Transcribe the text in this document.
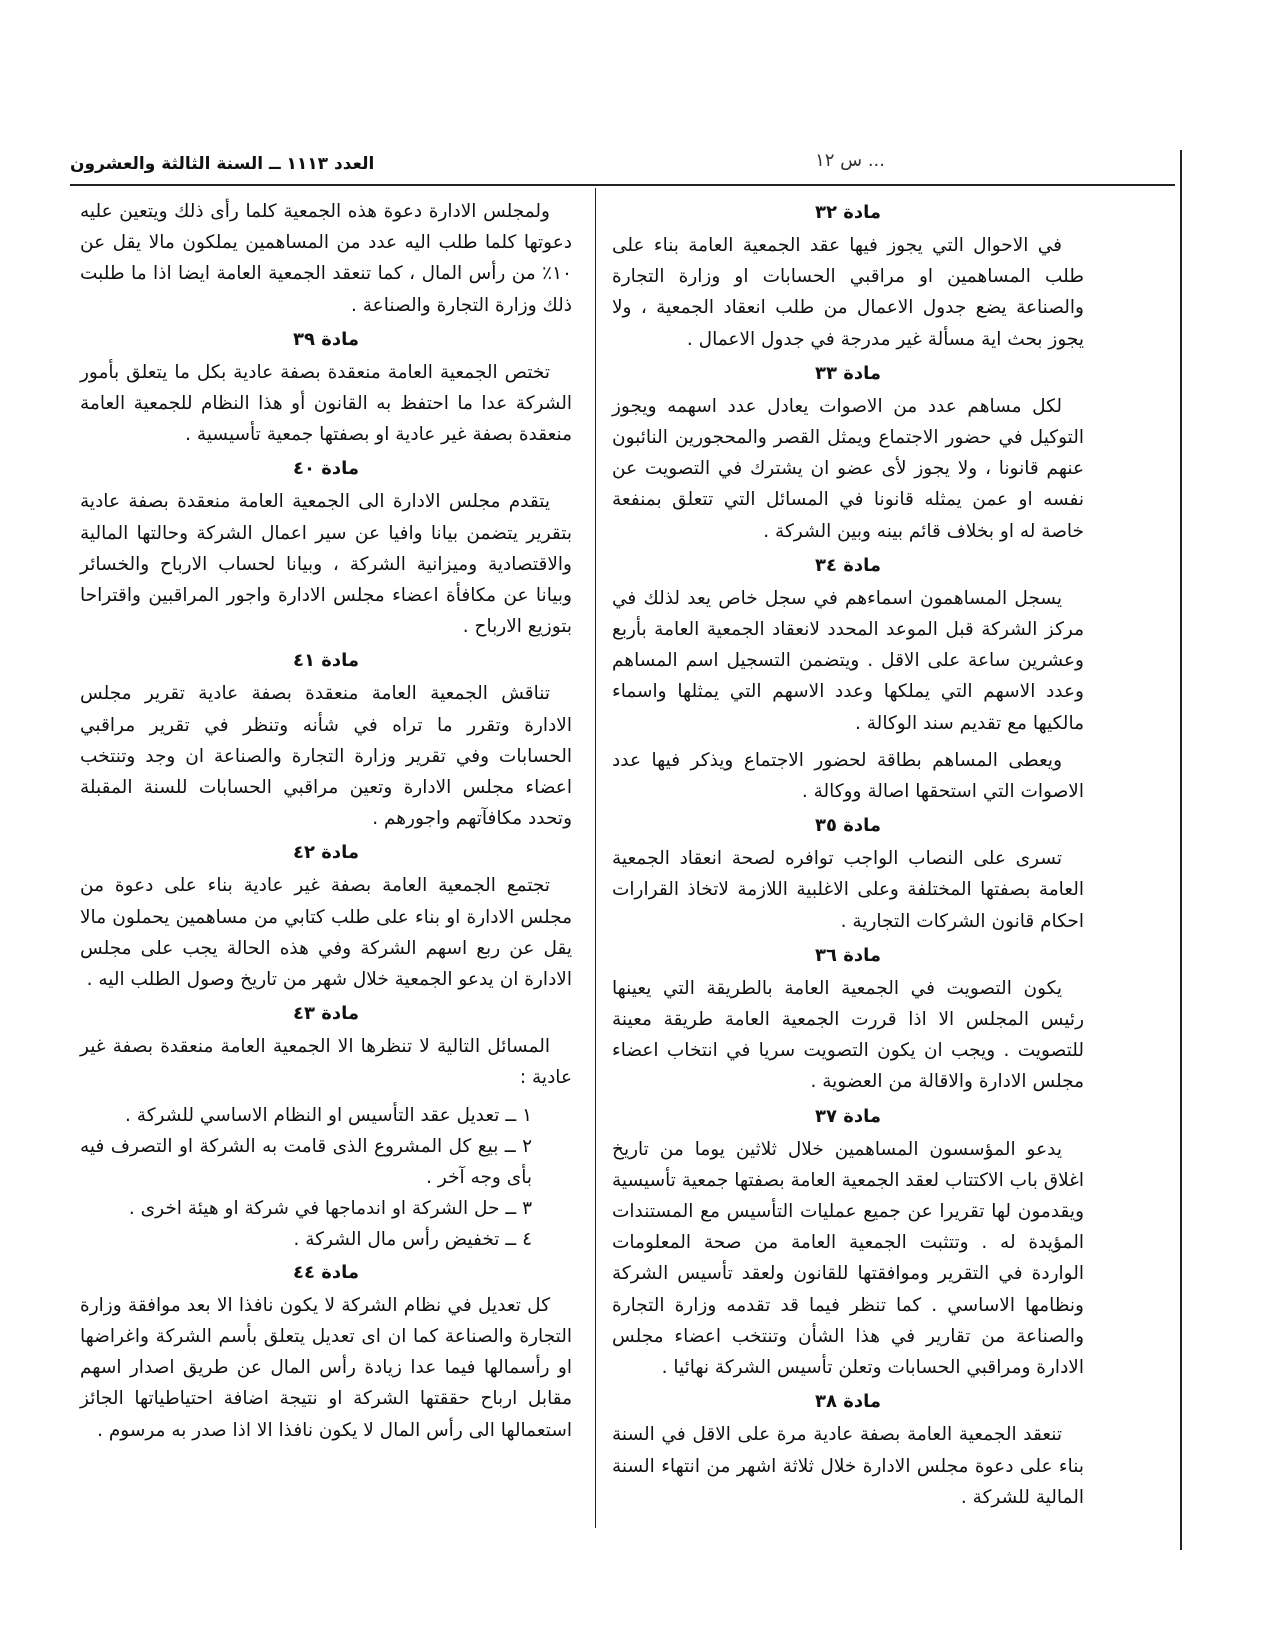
... س ١٢
العدد ١١١٣ ــ السنة الثالثة والعشرون
مادة ٣٢

في الاحوال التي يجوز فيها عقد الجمعية العامة بناء على طلب المساهمين او مراقبي الحسابات او وزارة التجارة والصناعة يضع جدول الاعمال من طلب انعقاد الجمعية ، ولا يجوز بحث اية مسألة غير مدرجة في جدول الاعمال .

مادة ٣٣

لكل مساهم عدد من الاصوات يعادل عدد اسهمه ويجوز التوكيل في حضور الاجتماع ويمثل القصر والمحجورين النائبون عنهم قانونا ، ولا يجوز لأى عضو ان يشترك في التصويت عن نفسه او عمن يمثله قانونا في المسائل التي تتعلق بمنفعة خاصة له او بخلاف قائم بينه وبين الشركة .

مادة ٣٤

يسجل المساهمون اسماءهم في سجل خاص يعد لذلك في مركز الشركة قبل الموعد المحدد لانعقاد الجمعية العامة بأربع وعشرين ساعة على الاقل . ويتضمن التسجيل اسم المساهم وعدد الاسهم التي يملكها وعدد الاسهم التي يمثلها واسماء مالكيها مع تقديم سند الوكالة .

ويعطى المساهم بطاقة لحضور الاجتماع ويذكر فيها عدد الاصوات التي استحقها اصالة ووكالة .

مادة ٣٥

تسرى على النصاب الواجب توافره لصحة انعقاد الجمعية العامة بصفتها المختلفة وعلى الاغلبية اللازمة لاتخاذ القرارات احكام قانون الشركات التجارية .

مادة ٣٦

يكون التصويت في الجمعية العامة بالطريقة التي يعينها رئيس المجلس الا اذا قررت الجمعية العامة طريقة معينة للتصويت . ويجب ان يكون التصويت سريا في انتخاب اعضاء مجلس الادارة والاقالة من العضوية .

مادة ٣٧

يدعو المؤسسون المساهمين خلال ثلاثين يوما من تاريخ اغلاق باب الاكتتاب لعقد الجمعية العامة بصفتها جمعية تأسيسية ويقدمون لها تقريرا عن جميع عمليات التأسيس مع المستندات المؤيدة له . وتتثبت الجمعية العامة من صحة المعلومات الواردة في التقرير وموافقتها للقانون ولعقد تأسيس الشركة ونظامها الاساسي . كما تنظر فيما قد تقدمه وزارة التجارة والصناعة من تقارير في هذا الشأن وتنتخب اعضاء مجلس الادارة ومراقبي الحسابات وتعلن تأسيس الشركة نهائيا .

مادة ٣٨

تنعقد الجمعية العامة بصفة عادية مرة على الاقل في السنة بناء على دعوة مجلس الادارة خلال ثلاثة اشهر من انتهاء السنة المالية للشركة .

ولمجلس الادارة دعوة هذه الجمعية كلما رأى ذلك ويتعين عليه دعوتها كلما طلب اليه عدد من المساهمين يملكون مالا يقل عن ١٠٪ من رأس المال ، كما تنعقد الجمعية العامة ايضا اذا ما طلبت ذلك وزارة التجارة والصناعة .

مادة ٣٩

تختص الجمعية العامة منعقدة بصفة عادية بكل ما يتعلق بأمور الشركة عدا ما احتفظ به القانون أو هذا النظام للجمعية العامة منعقدة بصفة غير عادية او بصفتها جمعية تأسيسية .

مادة ٤٠

يتقدم مجلس الادارة الى الجمعية العامة منعقدة بصفة عادية بتقرير يتضمن بيانا وافيا عن سير اعمال الشركة وحالتها المالية والاقتصادية وميزانية الشركة ، وبيانا لحساب الارباح والخسائر وبيانا عن مكافأة اعضاء مجلس الادارة واجور المراقبين واقتراحا بتوزيع الارباح .

مادة ٤١

تناقش الجمعية العامة منعقدة بصفة عادية تقرير مجلس الادارة وتقرر ما تراه في شأنه وتنظر في تقرير مراقبي الحسابات وفي تقرير وزارة التجارة والصناعة ان وجد وتنتخب اعضاء مجلس الادارة وتعين مراقبي الحسابات للسنة المقبلة وتحدد مكافآتهم واجورهم .

مادة ٤٢

تجتمع الجمعية العامة بصفة غير عادية بناء على دعوة من مجلس الادارة او بناء على طلب كتابي من مساهمين يحملون مالا يقل عن ربع اسهم الشركة وفي هذه الحالة يجب على مجلس الادارة ان يدعو الجمعية خلال شهر من تاريخ وصول الطلب اليه .

مادة ٤٣

المسائل التالية لا تنظرها الا الجمعية العامة منعقدة بصفة غير عادية :

١ ــ تعديل عقد التأسيس او النظام الاساسي للشركة .

٢ ــ بيع كل المشروع الذى قامت به الشركة او التصرف فيه بأى وجه آخر .

٣ ــ حل الشركة او اندماجها في شركة او هيئة اخرى .

٤ ــ تخفيض رأس مال الشركة .

مادة ٤٤

كل تعديل في نظام الشركة لا يكون نافذا الا بعد موافقة وزارة التجارة والصناعة كما ان اى تعديل يتعلق بأسم الشركة واغراضها او رأسمالها فيما عدا زيادة رأس المال عن طريق اصدار اسهم مقابل ارباح حققتها الشركة او نتيجة اضافة احتياطياتها الجائز استعمالها الى رأس المال لا يكون نافذا الا اذا صدر به مرسوم .
